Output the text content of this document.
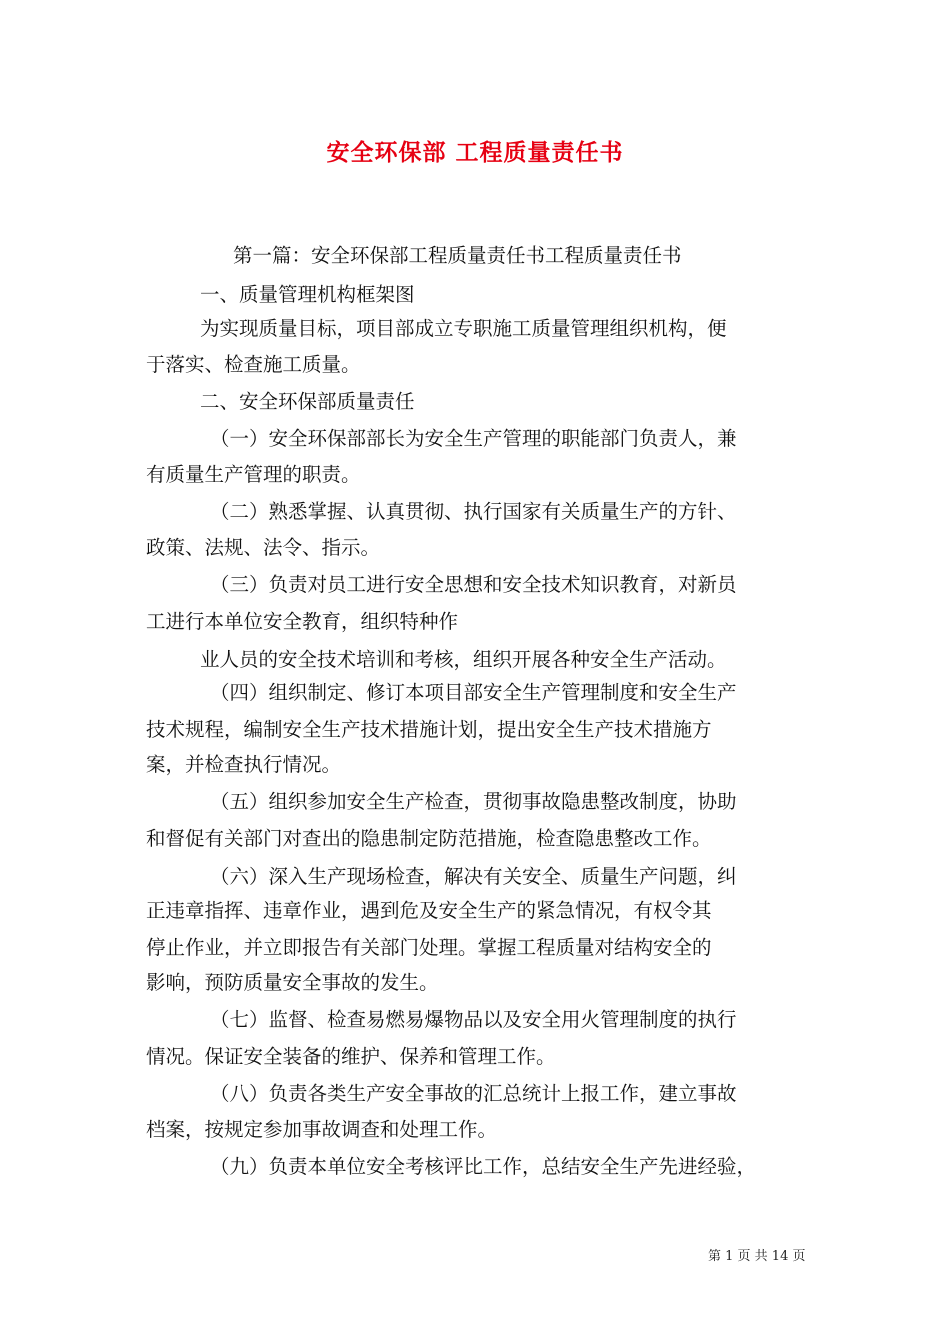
安全环保部 工程质量责任书
第一篇：安全环保部工程质量责任书工程质量责任书
一、质量管理机构框架图
为实现质量目标，项目部成立专职施工质量管理组织机构，便
于落实、检查施工质量。
二、安全环保部质量责任
（一）安全环保部部长为安全生产管理的职能部门负责人，兼
有质量生产管理的职责。
（二）熟悉掌握、认真贯彻、执行国家有关质量生产的方针、
政策、法规、法令、指示。
（三）负责对员工进行安全思想和安全技术知识教育，对新员
工进行本单位安全教育，组织特种作
业人员的安全技术培训和考核，组织开展各种安全生产活动。
（四）组织制定、修订本项目部安全生产管理制度和安全生产
技术规程，编制安全生产技术措施计划，提出安全生产技术措施方
案，并检查执行情况。
（五）组织参加安全生产检查，贯彻事故隐患整改制度，协助
和督促有关部门对查出的隐患制定防范措施，检查隐患整改工作。
（六）深入生产现场检查，解决有关安全、质量生产问题，纠
正违章指挥、违章作业，遇到危及安全生产的紧急情况，有权令其
停止作业，并立即报告有关部门处理。掌握工程质量对结构安全的
影响，预防质量安全事故的发生。
（七）监督、检查易燃易爆物品以及安全用火管理制度的执行
情况。保证安全装备的维护、保养和管理工作。
（八）负责各类生产安全事故的汇总统计上报工作，建立事故
档案，按规定参加事故调查和处理工作。
（九）负责本单位安全考核评比工作，总结安全生产先进经验，
第 1 页 共 14 页
